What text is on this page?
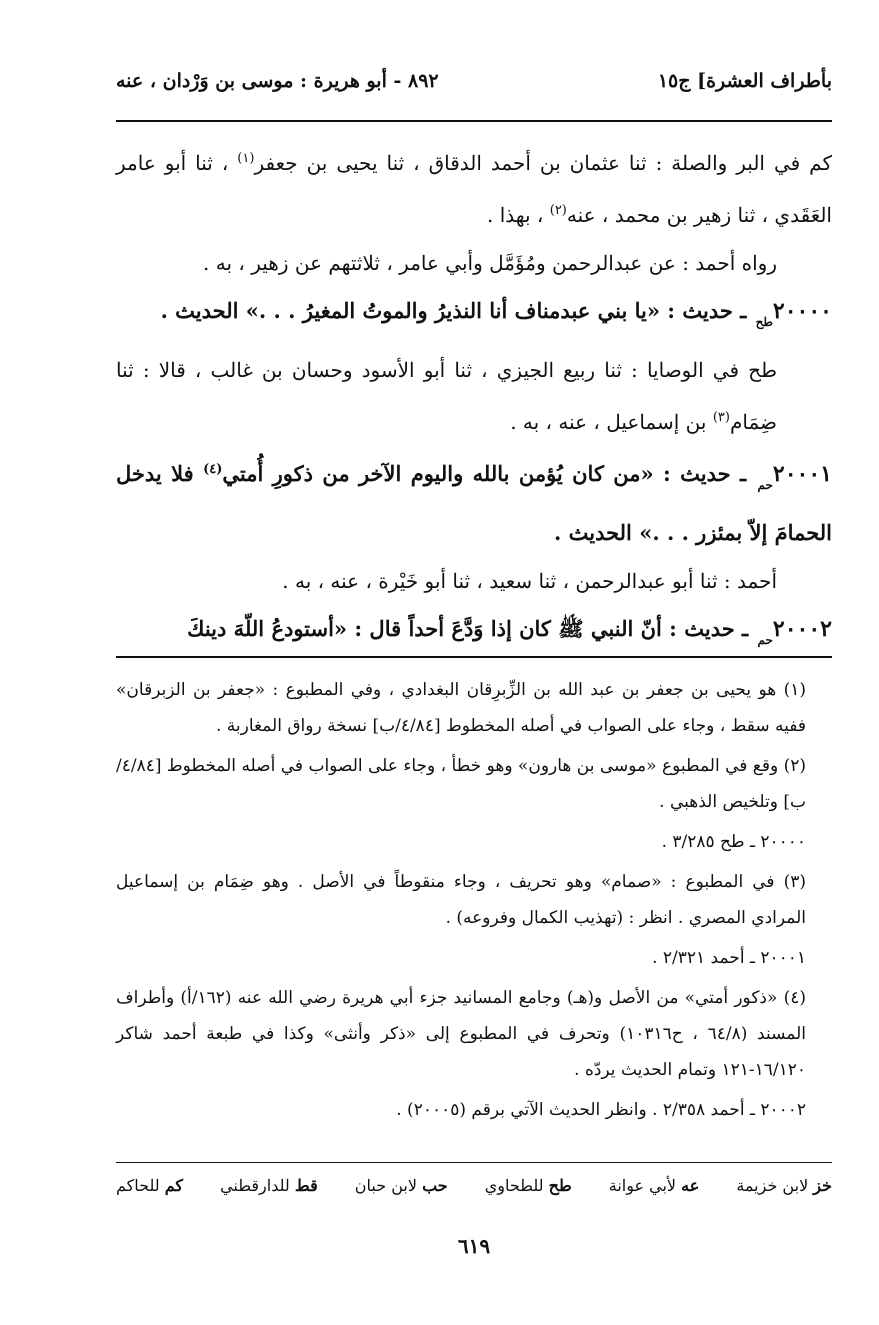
بأطراف العشرة] ج١٥
٨٩٢ - أبو هريرة : موسى بن وَرْدان ، عنه

كم في البر والصلة : ثنا عثمان بن أحمد الدقاق ، ثنا يحيى بن جعفر$^{(١)}$ ، ثنا أبو عامر العَقَدي ، ثنا زهير بن محمد ، عنه$^{(٢)}$ ، بهذا .

رواه أحمد : عن عبدالرحمن ومُؤَمَّل وأبي عامر ، ثلاثتهم عن زهير ، به .

$٢٠٠٠٠_{طح}$ ـ حديث : «يا بني عبدمناف أنا النذيرُ والموتُ المغيرُ . . .» الحديث .

طح في الوصايا : ثنا ربيع الجيزي ، ثنا أبو الأسود وحسان بن غالب ، قالا : ثنا ضِمَام$^{(٣)}$ بن إسماعيل ، عنه ، به .

$٢٠٠٠١_{حم}$ ـ حديث : «من كان يُؤمن بالله واليوم الآخر من ذكورِ أُمتي$^{(٤)}$ فلا يدخل الحمامَ إلاّ بمئزر . . .» الحديث .

أحمد : ثنا أبو عبدالرحمن ، ثنا سعيد ، ثنا أبو خَيْرة ، عنه ، به .

$٢٠٠٠٢_{حم}$ ـ حديث : أنّ النبي ﷺ كان إذا وَدَّعَ أحداً قال : «أستودعُ اللّهَ دينكَ

(١) هو يحيى بن جعفر بن عبد الله بن الزِّبرِقان البغدادي ، وفي المطبوع : «جعفر بن الزبرقان» ففيه سقط ، وجاء على الصواب في أصله المخطوط [٤/٨٤/ب] نسخة رواق المغاربة .

(٢) وقع في المطبوع «موسى بن هارون» وهو خطأ ، وجاء على الصواب في أصله المخطوط [٤/٨٤/ب] وتلخيص الذهبي .

٢٠٠٠٠ ـ طح ٣/٢٨٥ .

(٣) في المطبوع : «صمام» وهو تحريف ، وجاء منقوطاً في الأصل . وهو ضِمَام بن إسماعيل المرادي المصري . انظر : (تهذيب الكمال وفروعه) .

٢٠٠٠١ ـ أحمد ٢/٣٢١ .

(٤) «ذكور أمتي» من الأصل و(هـ) وجامع المسانيد جزء أبي هريرة رضي الله عنه (١٦٢/أ) وأطراف المسند (٦٤/٨ ، ح١٠٣١٦) وتحرف في المطبوع إلى «ذكر وأنثى» وكذا في طبعة أحمد شاكر ١٦/١٢٠-١٢١ وتمام الحديث يردّه .

٢٠٠٠٢ ـ أحمد ٢/٣٥٨ . وانظر الحديث الآتي برقم (٢٠٠٠٥) .

خز لابن خزيمة
عه لأبي عوانة
طح للطحاوي
حب لابن حبان
قط للدارقطني
كم للحاكم
٦١٩
